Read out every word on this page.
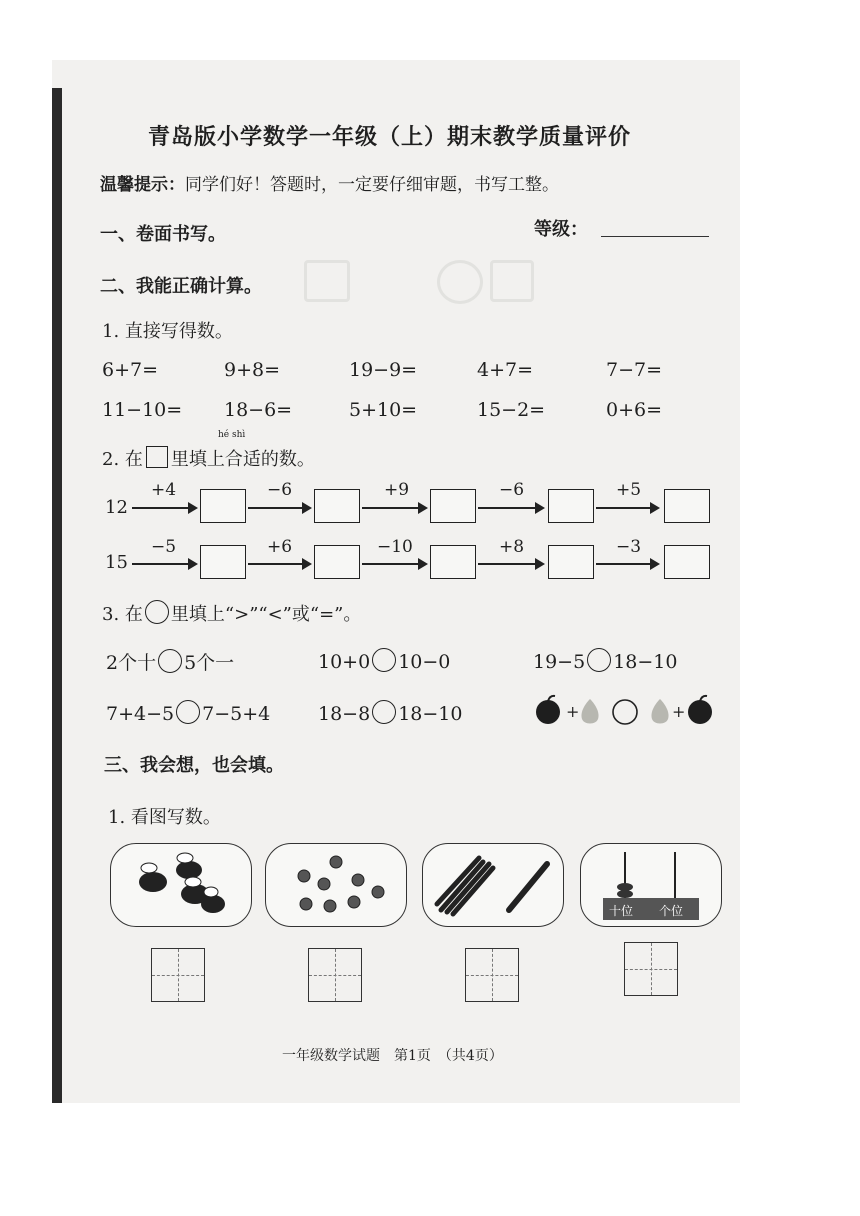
青岛版小学数学一年级（上）期末教学质量评价
温馨提示：同学们好！答题时，一定要仔细审题，书写工整。
一、卷面书写。	等级：
二、我能正确计算。
1. 直接写得数。
6+7=	9+8=	19−9=	4+7=	7−7=
11−10= 18−6=	5+10=	15−2=	0+6=
hé shì
2. 在 里填上合适的数。
12
+4	−6	+9	−6	+5
15
−5	+6	−10	+8	−3
3. 在 里填上“>”“<”或“=”。
2个十 5个一	10+0 10−0	19−5 18−10
7+4−5 7−5+4	18−8 18−10	+	+
三、我会想，也会填。
1. 看图写数。
十位 个位
一年级数学试题　第1页　（共4页）
